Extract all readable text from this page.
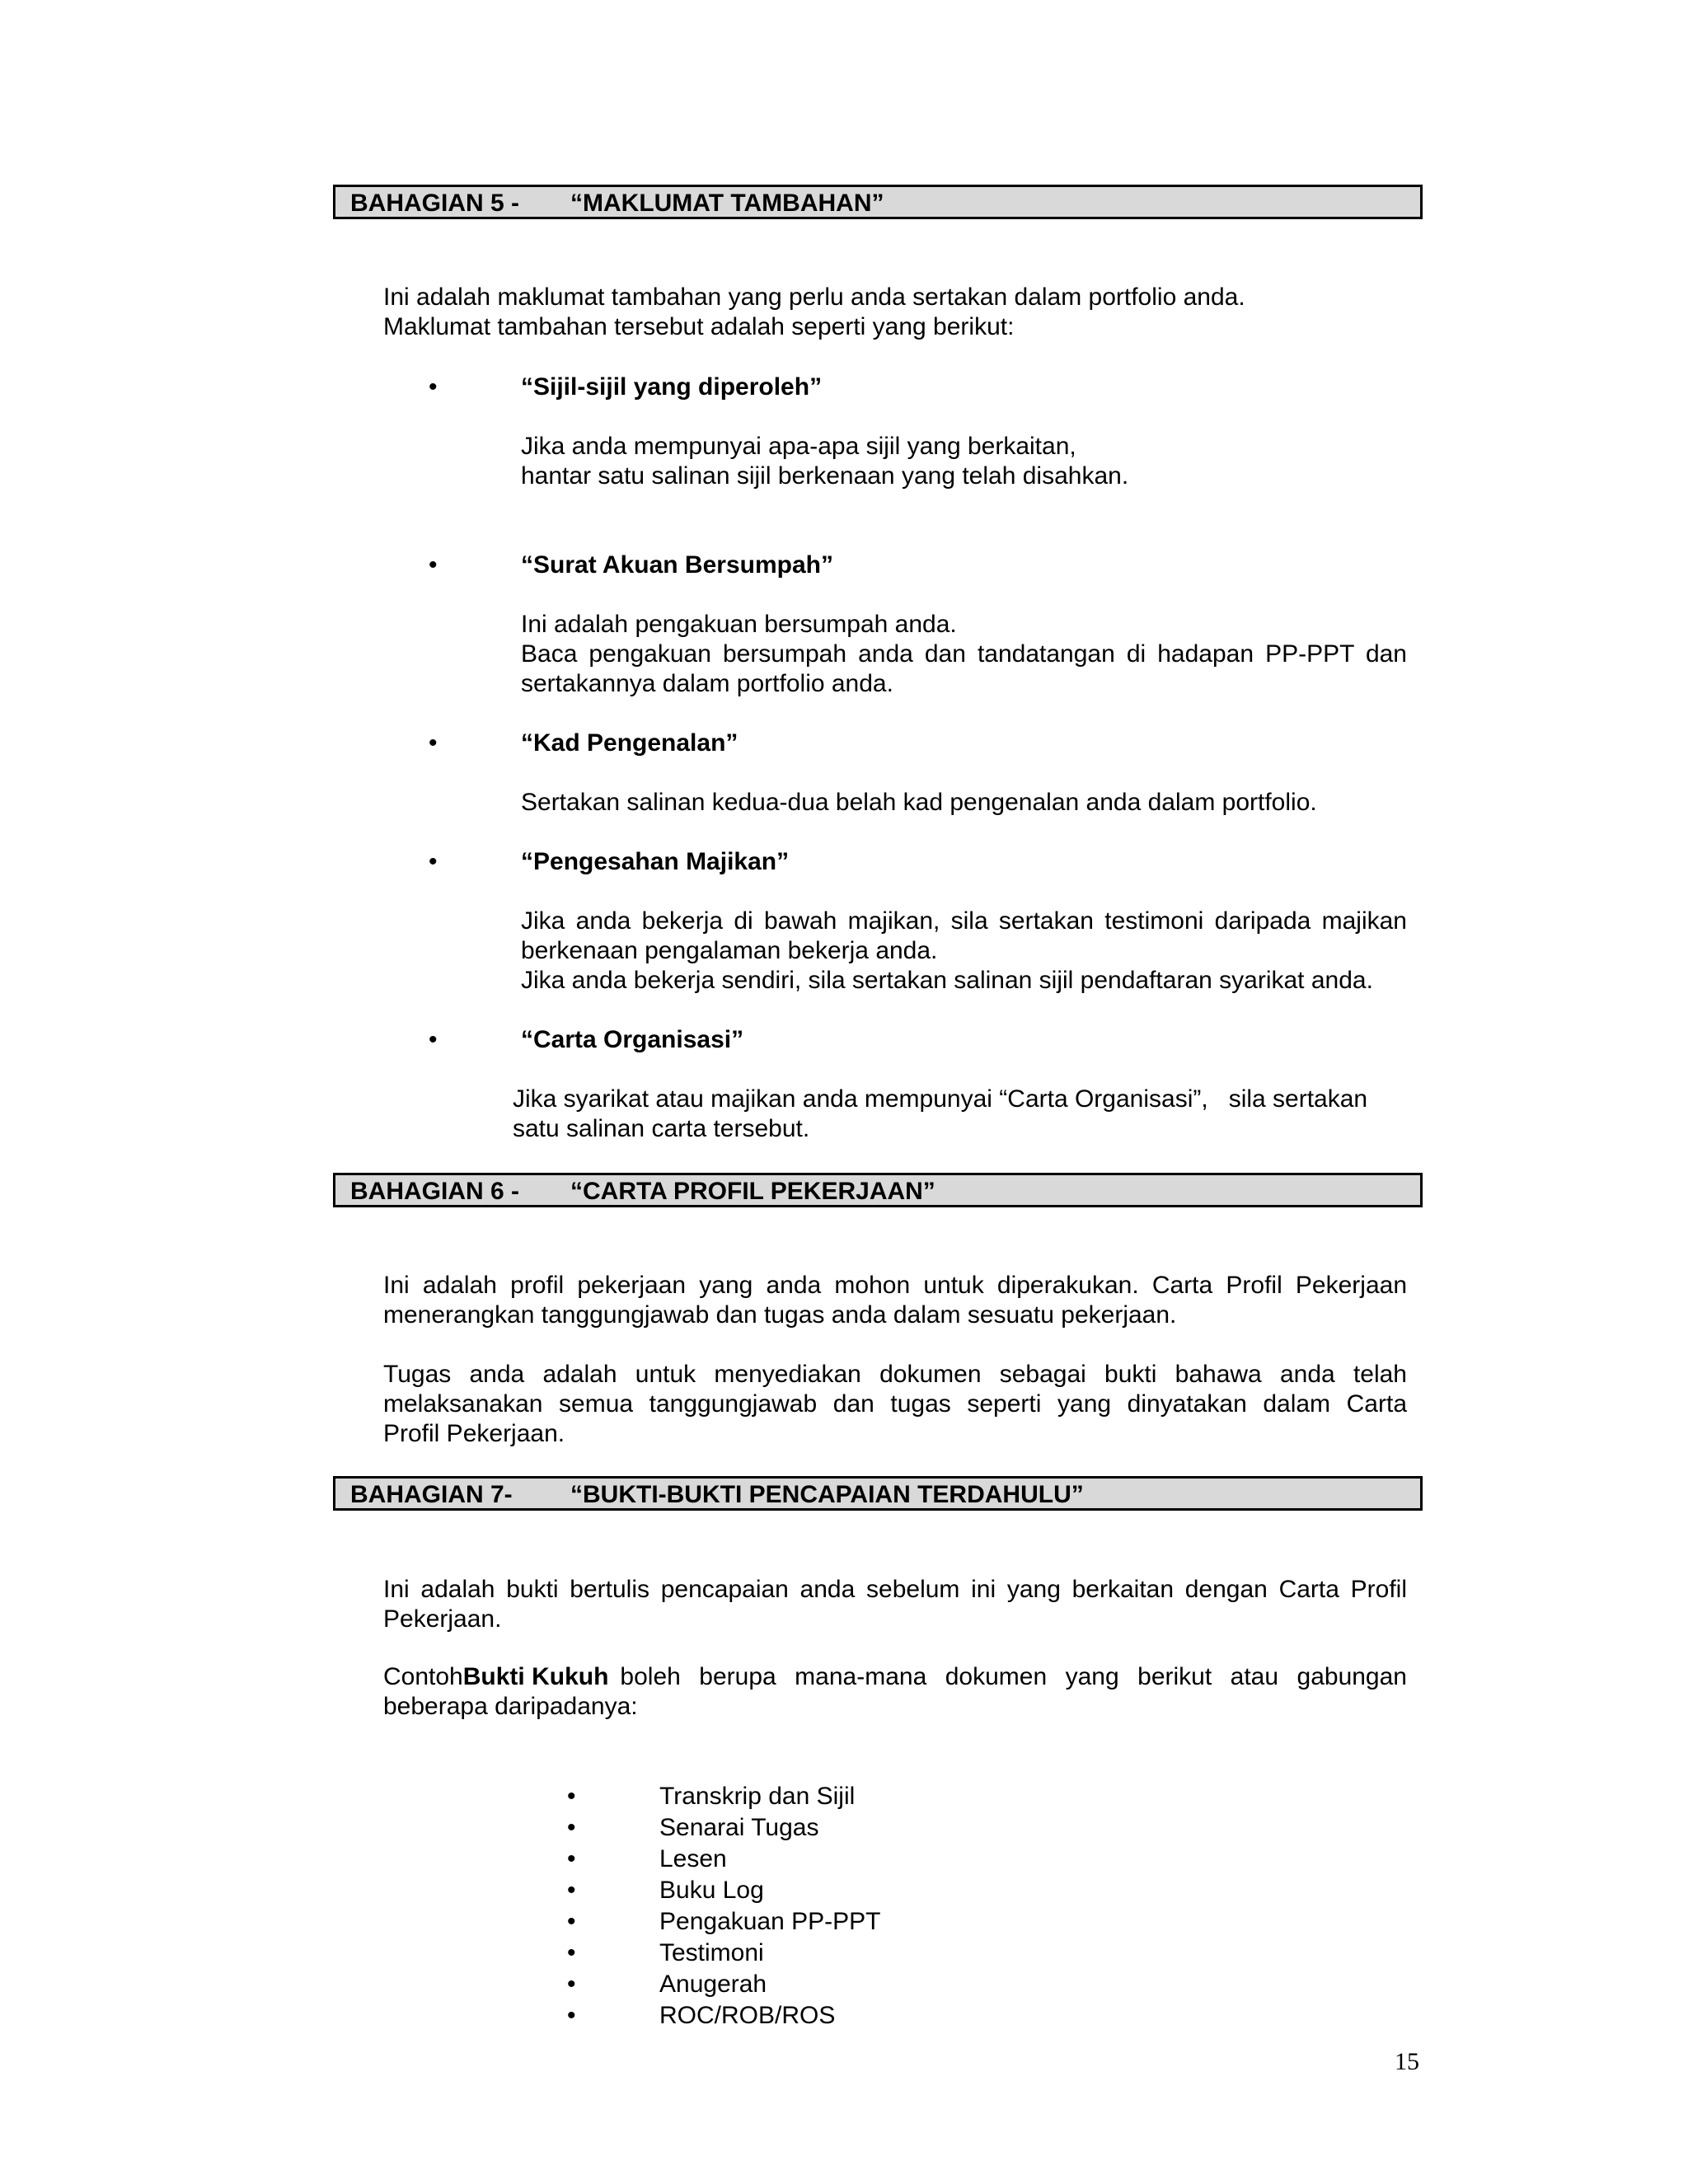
BAHAGIAN 5 - “MAKLUMAT TAMBAHAN”
Ini adalah maklumat tambahan yang perlu anda sertakan dalam portfolio anda.
Maklumat tambahan tersebut adalah seperti yang berikut:
•	“Sijil-sijil yang diperoleh”
Jika anda mempunyai apa-apa sijil yang berkaitan,
hantar satu salinan sijil berkenaan yang telah disahkan.
•	“Surat Akuan Bersumpah”
Ini adalah pengakuan bersumpah anda.
Baca pengakuan bersumpah anda dan tandatangan di hadapan PP-PPT dan
sertakannya dalam portfolio anda.
•	“Kad Pengenalan”
Sertakan salinan kedua-dua belah kad pengenalan anda dalam portfolio.
•	“Pengesahan Majikan”
Jika anda bekerja di bawah majikan, sila sertakan testimoni daripada majikan
berkenaan pengalaman bekerja anda.
Jika anda bekerja sendiri, sila sertakan salinan sijil pendaftaran syarikat anda.
•	“Carta Organisasi”
Jika syarikat atau majikan anda mempunyai “Carta Organisasi”,   sila sertakan
satu salinan carta tersebut.
BAHAGIAN 6 - “CARTA PROFIL PEKERJAAN”
Ini adalah profil pekerjaan yang anda mohon untuk diperakukan. Carta Profil Pekerjaan
menerangkan tanggungjawab dan tugas anda dalam sesuatu pekerjaan.
Tugas anda adalah untuk menyediakan dokumen sebagai bukti bahawa anda telah
melaksanakan semua tanggungjawab dan tugas seperti yang dinyatakan dalam Carta
Profil Pekerjaan.
BAHAGIAN 7- “BUKTI-BUKTI PENCAPAIAN TERDAHULU”
Ini adalah bukti bertulis pencapaian anda sebelum ini yang berkaitan dengan Carta Profil
Pekerjaan.
Contoh Bukti Kukuh boleh berupa mana-mana dokumen yang berikut atau gabungan
beberapa daripadanya:
•	Transkrip dan Sijil
•	Senarai Tugas
•	Lesen
•	Buku Log
•	Pengakuan PP-PPT
•	Testimoni
•	Anugerah
•	ROC/ROB/ROS
15
